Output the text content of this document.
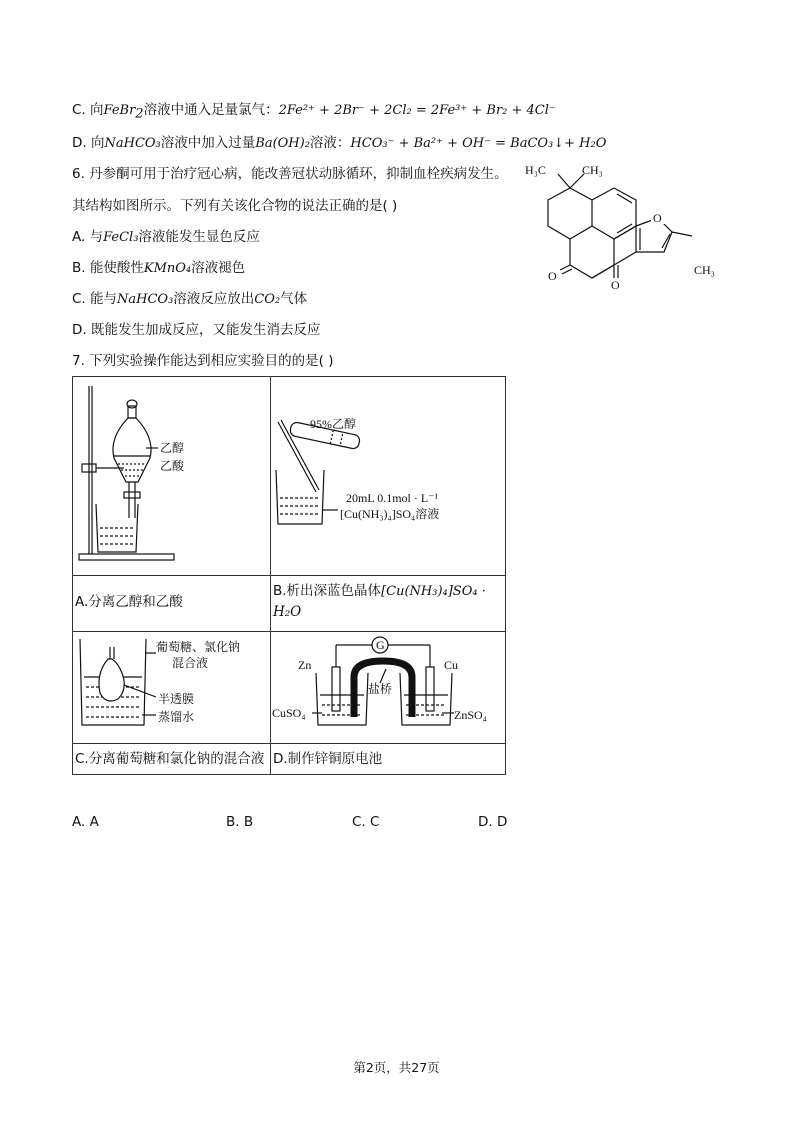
C. 向FeBr$_2$溶液中通入足量氯气：2Fe²⁺ + 2Br⁻ + 2Cl₂ = 2Fe³⁺ + Br₂ + 4Cl⁻
D. 向NaHCO₃溶液中加入过量Ba(OH)₂溶液：HCO₃⁻ + Ba²⁺ + OH⁻ = BaCO₃↓+ H₂O
6. 丹参酮可用于治疗冠心病，能改善冠状动脉循环，抑制血栓疾病发生。
其结构如图所示。下列有关该化合物的说法正确的是( )
A. 与FeCl₃溶液能发生显色反应
B. 能使酸性KMnO₄溶液褪色
C. 能与NaHCO₃溶液反应放出CO₂气体
D. 既能发生加成反应，又能发生消去反应
H₃C	CH₃
O
O
O
CH₃
7. 下列实验操作能达到相应实验目的的是( )
乙醇
乙酸
95%乙醇
20mL 0.1mol · L⁻¹
[Cu(NH₃)₄]SO₄溶液
葡萄糖、氯化钠
混合液
半透膜
蒸馏水
G
Zn	Cu
盐桥
CuSO₄	ZnSO₄
A.分离乙醇和乙酸
B.析出深蓝色晶体[Cu(NH₃)₄]SO₄ ·
H₂O
C.分离葡萄糖和氯化钠的混合液 D.制作锌铜原电池
A. A	B. B	C. C	D. D
第2页，共27页
